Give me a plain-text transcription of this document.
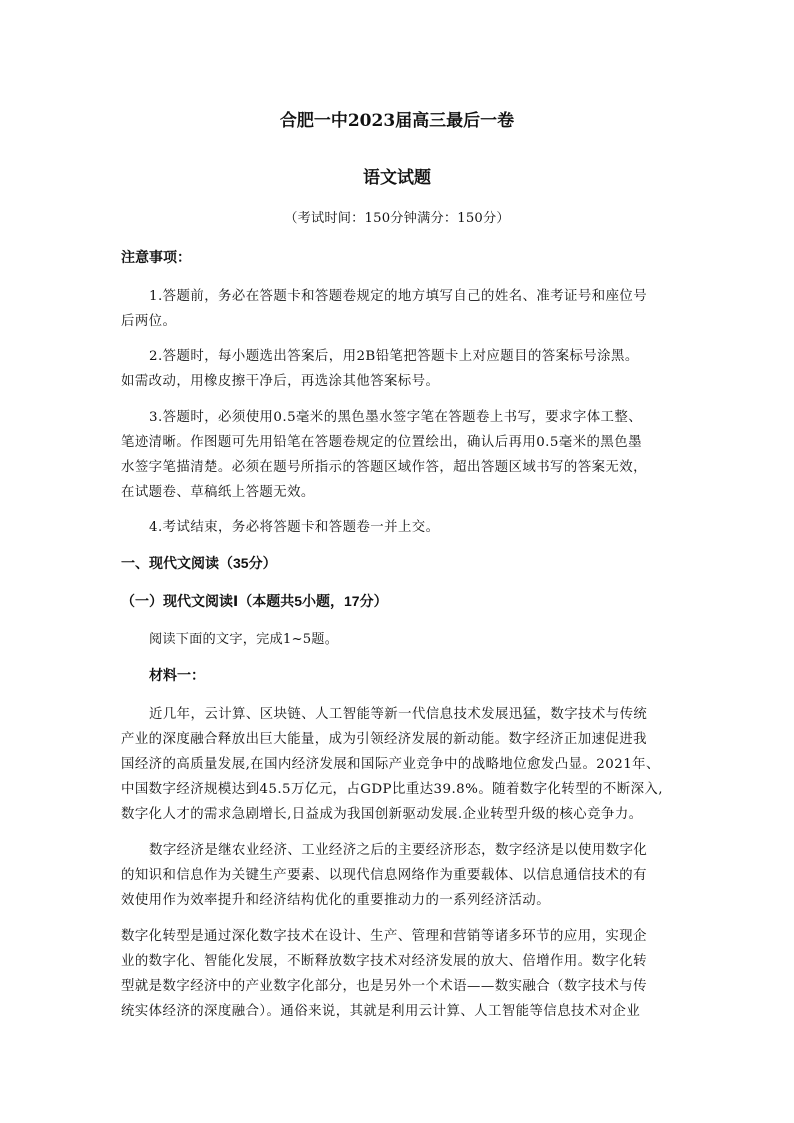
合肥一中2023届高三最后一卷
语文试题
（考试时间：150分钟满分：150分）
注意事项：
1.答题前，务必在答题卡和答题卷规定的地方填写自己的姓名、准考证号和座位号
后两位。
2.答题时，每小题选出答案后，用2B铅笔把答题卡上对应题目的答案标号涂黑。
如需改动，用橡皮擦干净后，再选涂其他答案标号。
3.答题时，必须使用0.5毫米的黑色墨水签字笔在答题卷上书写，要求字体工整、
笔迹清晰。作图题可先用铅笔在答题卷规定的位置绘出，确认后再用0.5毫米的黑色墨
水签字笔描清楚。必须在题号所指示的答题区域作答，超出答题区域书写的答案无效，
在试题卷、草稿纸上答题无效。
4.考试结束，务必将答题卡和答题卷一并上交。
一、现代文阅读（35分）
（一）现代文阅读Ⅰ（本题共5小题，17分）
阅读下面的文字，完成1~5题。
材料一：
近几年，云计算、区块链、人工智能等新一代信息技术发展迅猛，数字技术与传统
产业的深度融合释放出巨大能量，成为引领经济发展的新动能。数字经济正加速促进我
国经济的高质量发展,在国内经济发展和国际产业竞争中的战略地位愈发凸显。2021年、
中国数字经济规模达到45.5万亿元，占GDP比重达39.8%。随着数字化转型的不断深入,
数字化人才的需求急剧增长,日益成为我国创新驱动发展.企业转型升级的核心竞争力。
数字经济是继农业经济、工业经济之后的主要经济形态，数字经济是以使用数字化
的知识和信息作为关键生产要素、以现代信息网络作为重要载体、以信息通信技术的有
效使用作为效率提升和经济结构优化的重要推动力的一系列经济活动。
数字化转型是通过深化数字技术在设计、生产、管理和营销等诸多环节的应用，实现企
业的数字化、智能化发展，不断释放数字技术对经济发展的放大、倍增作用。数字化转
型就是数字经济中的产业数字化部分，也是另外一个术语——数实融合（数字技术与传
统实体经济的深度融合）。通俗来说，其就是利用云计算、人工智能等信息技术对企业
